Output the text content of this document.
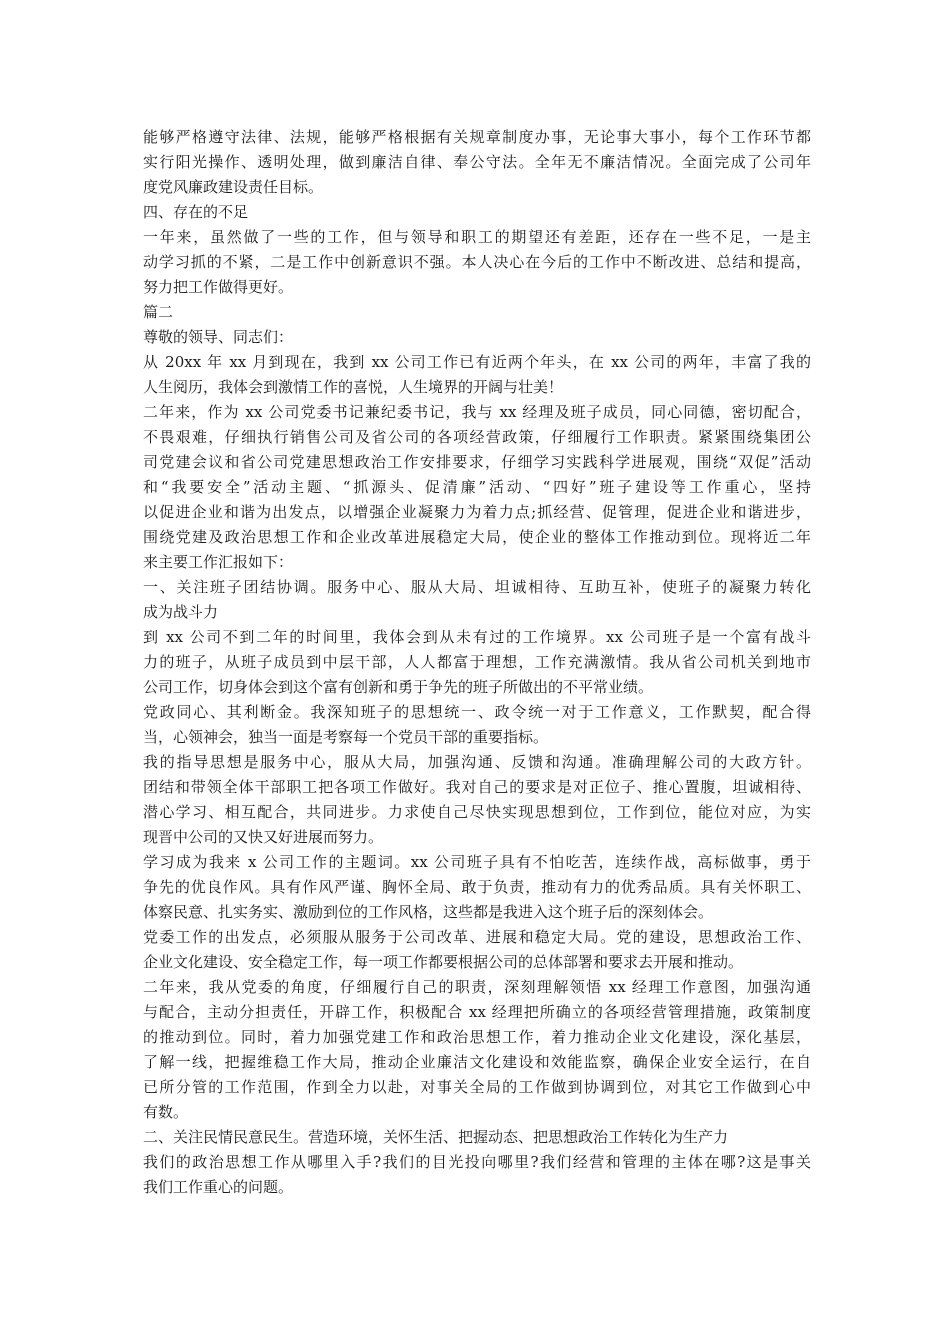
能够严格遵守法律、法规，能够严格根据有关规章制度办事，无论事大事小，每个工作环节都
实行阳光操作、透明处理，做到廉洁自律、奉公守法。全年无不廉洁情况。全面完成了公司年
度党风廉政建设责任目标。
四、存在的不足
一年来，虽然做了一些的工作，但与领导和职工的期望还有差距，还存在一些不足，一是主
动学习抓的不紧，二是工作中创新意识不强。本人决心在今后的工作中不断改进、总结和提高，
努力把工作做得更好。
篇二
尊敬的领导、同志们：
从 20xx 年 xx 月到现在，我到 xx 公司工作已有近两个年头，在 xx 公司的两年，丰富了我的
人生阅历，我体会到激情工作的喜悦，人生境界的开阔与壮美！
二年来，作为 xx 公司党委书记兼纪委书记，我与 xx 经理及班子成员，同心同德，密切配合，
不畏艰难，仔细执行销售公司及省公司的各项经营政策，仔细履行工作职责。紧紧围绕集团公
司党建会议和省公司党建思想政治工作安排要求，仔细学习实践科学进展观，围绕“双促”活动
和“我要安全”活动主题、“抓源头、促清廉”活动、“四好”班子建设等工作重心，坚持
以促进企业和谐为出发点，以增强企业凝聚力为着力点;抓经营、促管理，促进企业和谐进步，
围绕党建及政治思想工作和企业改革进展稳定大局，使企业的整体工作推动到位。现将近二年
来主要工作汇报如下：
一、关注班子团结协调。服务中心、服从大局、坦诚相待、互助互补，使班子的凝聚力转化
成为战斗力
到 xx 公司不到二年的时间里，我体会到从未有过的工作境界。xx 公司班子是一个富有战斗
力的班子，从班子成员到中层干部，人人都富于理想，工作充满激情。我从省公司机关到地市
公司工作，切身体会到这个富有创新和勇于争先的班子所做出的不平常业绩。
党政同心、其利断金。我深知班子的思想统一、政令统一对于工作意义，工作默契，配合得
当，心领神会，独当一面是考察每一个党员干部的重要指标。
我的指导思想是服务中心，服从大局，加强沟通、反馈和沟通。准确理解公司的大政方针。
团结和带领全体干部职工把各项工作做好。我对自己的要求是对正位子、推心置腹，坦诚相待、
潜心学习、相互配合，共同进步。力求使自己尽快实现思想到位，工作到位，能位对应，为实
现晋中公司的又快又好进展而努力。
学习成为我来 x 公司工作的主题词。xx 公司班子具有不怕吃苦，连续作战，高标做事，勇于
争先的优良作风。具有作风严谨、胸怀全局、敢于负责，推动有力的优秀品质。具有关怀职工、
体察民意、扎实务实、激励到位的工作风格，这些都是我进入这个班子后的深刻体会。
党委工作的出发点，必须服从服务于公司改革、进展和稳定大局。党的建设，思想政治工作、
企业文化建设、安全稳定工作，每一项工作都要根据公司的总体部署和要求去开展和推动。
二年来，我从党委的角度，仔细履行自己的职责，深刻理解领悟 xx 经理工作意图，加强沟通
与配合，主动分担责任，开辟工作，积极配合 xx 经理把所确立的各项经营管理措施，政策制度
的推动到位。同时，着力加强党建工作和政治思想工作，着力推动企业文化建设，深化基层，
了解一线，把握维稳工作大局，推动企业廉洁文化建设和效能监察，确保企业安全运行，在自
已所分管的工作范围，作到全力以赴，对事关全局的工作做到协调到位，对其它工作做到心中
有数。
二、关注民情民意民生。营造环境，关怀生活、把握动态、把思想政治工作转化为生产力
我们的政治思想工作从哪里入手?我们的目光投向哪里?我们经营和管理的主体在哪?这是事关
我们工作重心的问题。
